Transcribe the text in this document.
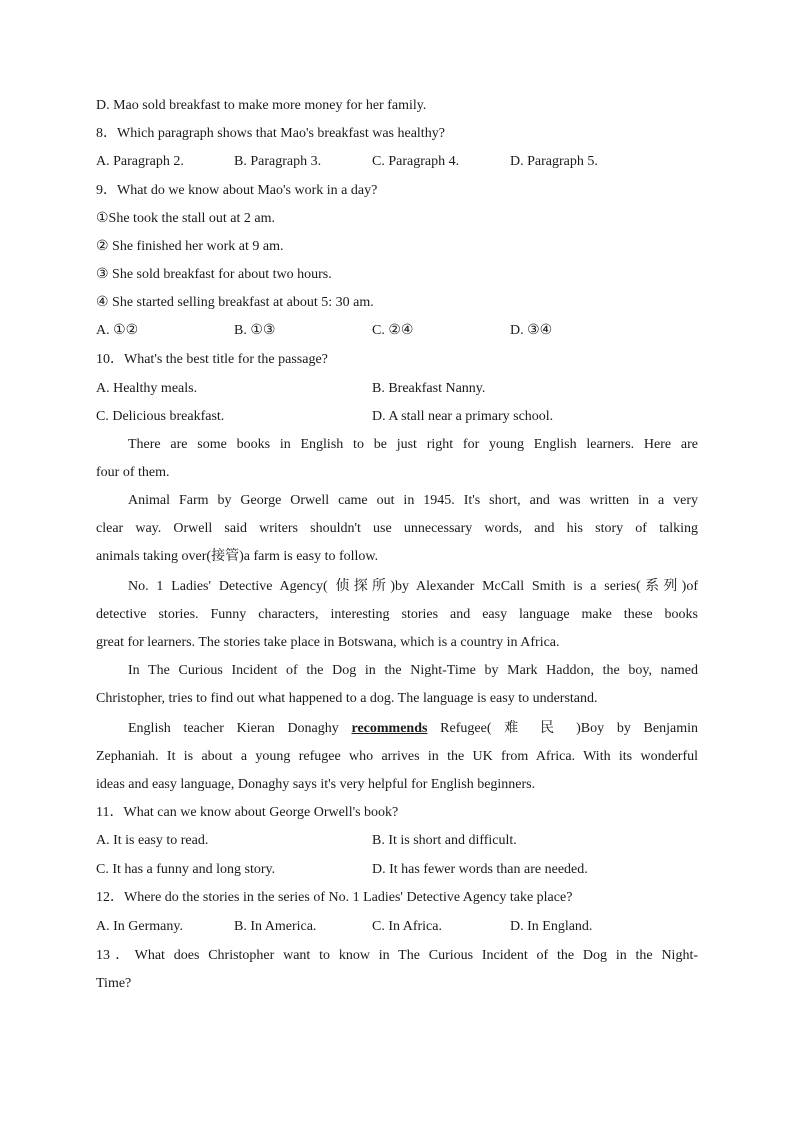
D. Mao sold breakfast to make more money for her family.
8．Which paragraph shows that Mao's breakfast was healthy?
A. Paragraph 2.	B. Paragraph 3.	C. Paragraph 4.	D. Paragraph 5.
9．What do we know about Mao's work in a day?
①She took the stall out at 2 am.
② She finished her work at 9 am.
③ She sold breakfast for about two hours.
④ She started selling breakfast at about 5: 30 am.
A. ①②	B. ①③	C. ②④	D. ③④
10．What's the best title for the passage?
A. Healthy meals.	B. Breakfast Nanny.
C. Delicious breakfast.	D. A stall near a primary school.
There are some books in English to be just right for young English learners. Here are
four of them.
Animal Farm by George Orwell came out in 1945. It's short, and was written in a very
clear way. Orwell said writers shouldn't use unnecessary words, and his story of talking
animals taking over(接管)a farm is easy to follow.
No. 1 Ladies' Detective Agency( 侦探所)by Alexander McCall Smith is a series(系列)of
detective stories. Funny characters, interesting stories and easy language make these books
great for learners. The stories take place in Botswana, which is a country in Africa.
In The Curious Incident of the Dog in the Night-Time by Mark Haddon, the boy, named
Christopher, tries to find out what happened to a dog. The language is easy to understand.
English teacher Kieran Donaghy recommends Refugee( 难 民 )Boy by Benjamin
Zephaniah. It is about a young refugee who arrives in the UK from Africa. With its wonderful
ideas and easy language, Donaghy says it's very helpful for English beginners.
11．What can we know about George Orwell's book?
A. It is easy to read.	B. It is short and difficult.
C. It has a funny and long story.	D. It has fewer words than are needed.
12．Where do the stories in the series of No. 1 Ladies' Detective Agency take place?
A. In Germany.	B. In America.	C. In Africa.	D. In England.
13．What does Christopher want to know in The Curious Incident of the Dog in the Night-
Time?
